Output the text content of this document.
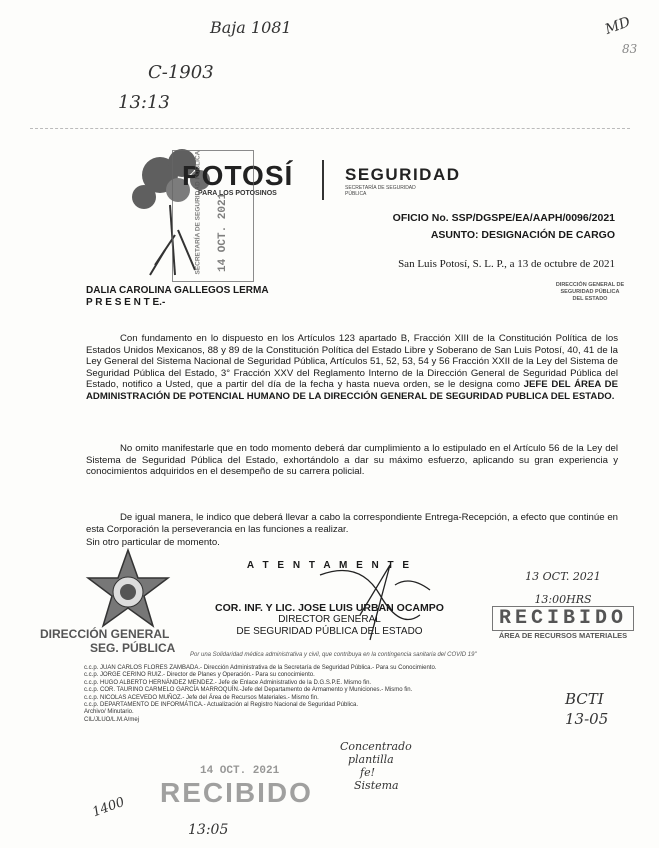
Baja 1081	MD
83
C-1903
13:13
POTOSÍ
PARA LOS POTOSINOS
SECRETARÍA DE SEGURIDAD PÚBLICA 14 OCT. 2021
SEGURIDAD
SECRETARÍA DE SEGURIDAD PÚBLICA
OFICIO No. SSP/DGSPE/EA/AAPH/0096/2021
ASUNTO: DESIGNACIÓN DE CARGO
San Luis Potosí, S. L. P., a 13 de octubre de 2021
DALIA CAROLINA GALLEGOS LERMA
P R E S E N T E.-
DIRECCIÓN GENERAL DE SEGURIDAD PÚBLICA DEL ESTADO
Con fundamento en lo dispuesto en los Artículos 123 apartado B, Fracción XIII de la Constitución Política de los Estados Unidos Mexicanos, 88 y 89 de la Constitución Política del Estado Libre y Soberano de San Luis Potosí, 40, 41 de la Ley General del Sistema Nacional de Seguridad Pública, Artículos 51, 52, 53, 54 y 56 Fracción XXII de la Ley del Sistema de Seguridad Pública del Estado, 3° Fracción XXV del Reglamento Interno de la Dirección General de Seguridad Pública del Estado, notifico a Usted, que a partir del día de la fecha y hasta nueva orden, se le designa como JEFE DEL ÁREA DE ADMINISTRACIÓN DE POTENCIAL HUMANO DE LA DIRECCIÓN GENERAL DE SEGURIDAD PUBLICA DEL ESTADO.
No omito manifestarle que en todo momento deberá dar cumplimiento a lo estipulado en el Artículo 56 de la Ley del Sistema de Seguridad Pública del Estado, exhortándolo a dar su máximo esfuerzo, aplicando su gran experiencia y conocimientos adquiridos en el desempeño de su carrera policial.
De igual manera, le indico que deberá llevar a cabo la correspondiente Entrega-Recepción, a efecto que continúe en esta Corporación la perseverancia en las funciones a realizar.
Sin otro particular de momento.
A T E N T A M E N T E
COR. INF. Y LIC. JOSE LUIS URBAN OCAMPO
DIRECTOR GENERAL
DE SEGURIDAD PÚBLICA DEL ESTADO
DIRECCIÓN GENERAL
SEG. PÚBLICA
13 OCT. 2021
13:00HRS
RECIBIDO
ÁREA DE RECURSOS MATERIALES
Por una Solidaridad médica administrativa y civil, que contribuya en la contingencia sanitaria del COVID 19"
c.c.p. JUAN CARLOS FLORES ZAMBADA.- Dirección Administrativa de la Secretaría de Seguridad Pública.- Para su Conocimiento.
c.c.p. JORGE CERINO RUIZ.- Director de Planes y Operación.- Para su conocimiento.
c.c.p. HUGO ALBERTO HERNÁNDEZ MENDEZ.- Jefe de Enlace Administrativo de la D.G.S.P.E. Mismo fin.
c.c.p. COR. TAURINO CARMELO GARCÍA MARROQUÍN.-Jefe del Departamento de Armamento y Municiones.- Mismo fin.
c.c.p. NICOLAS ACEVEDO MUÑOZ.- Jefe del Área de Recursos Materiales.- Mismo fin.
c.c.p. DEPARTAMENTO DE INFORMÁTICA.- Actualización al Registro Nacional de Seguridad Pública.
Archivo/ Minutario.
CIL/JLUO/L.M.A/mej
BCTI
13-05
Concentrado
plantilla
fe!
Sistema
14 OCT. 2021
RECIBIDO
1400
13:05
